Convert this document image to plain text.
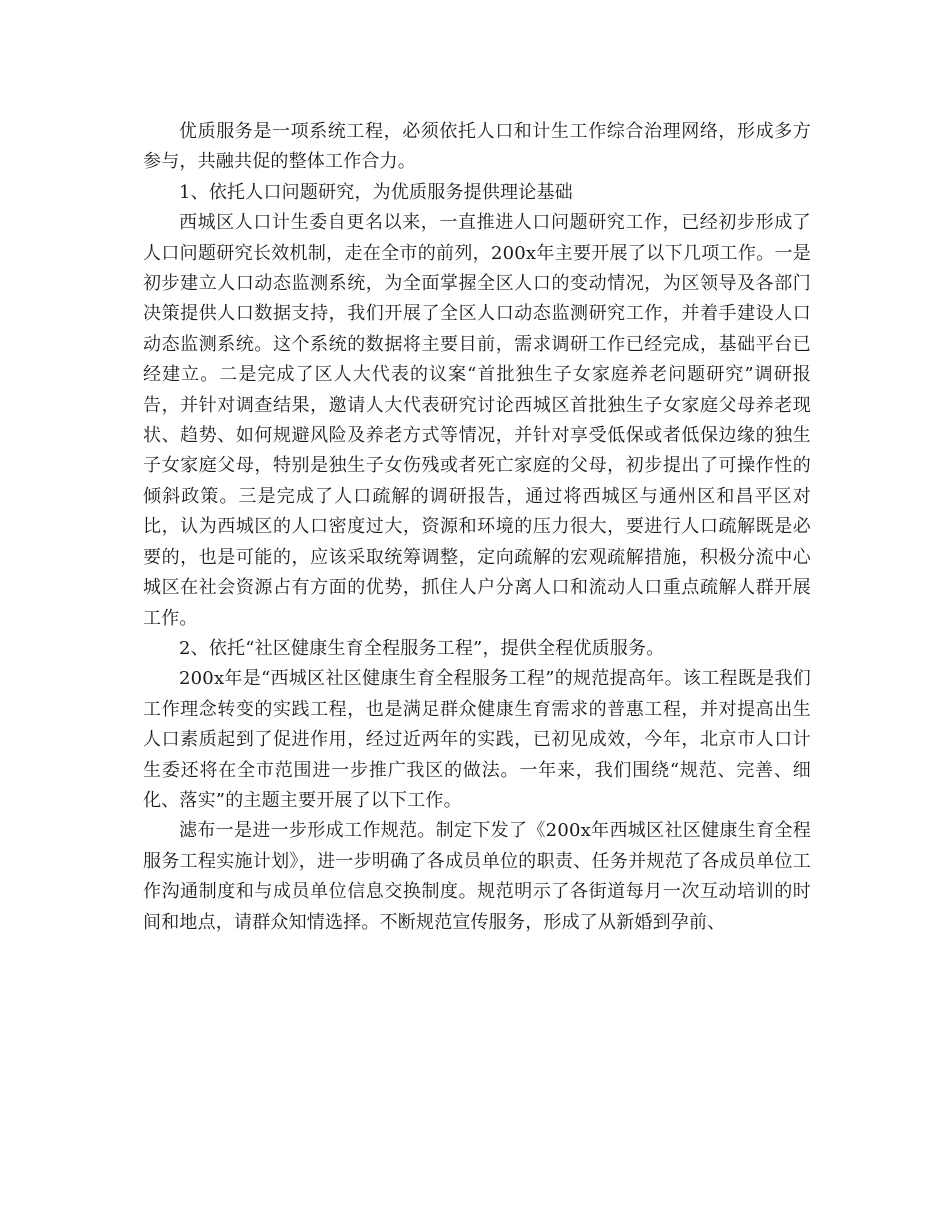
优质服务是一项系统工程，必须依托人口和计生工作综合治理网络，形成多方参与，共融共促的整体工作合力。

1、依托人口问题研究，为优质服务提供理论基础

西城区人口计生委自更名以来，一直推进人口问题研究工作，已经初步形成了人口问题研究长效机制，走在全市的前列，200x年主要开展了以下几项工作。一是初步建立人口动态监测系统，为全面掌握全区人口的变动情况，为区领导及各部门决策提供人口数据支持，我们开展了全区人口动态监测研究工作，并着手建设人口动态监测系统。这个系统的数据将主要目前，需求调研工作已经完成，基础平台已经建立。二是完成了区人大代表的议案“首批独生子女家庭养老问题研究”调研报告，并针对调查结果，邀请人大代表研究讨论西城区首批独生子女家庭父母养老现状、趋势、如何规避风险及养老方式等情况，并针对享受低保或者低保边缘的独生子女家庭父母，特别是独生子女伤残或者死亡家庭的父母，初步提出了可操作性的倾斜政策。三是完成了人口疏解的调研报告，通过将西城区与通州区和昌平区对比，认为西城区的人口密度过大，资源和环境的压力很大，要进行人口疏解既是必要的，也是可能的，应该采取统筹调整，定向疏解的宏观疏解措施，积极分流中心城区在社会资源占有方面的优势，抓住人户分离人口和流动人口重点疏解人群开展工作。

2、依托“社区健康生育全程服务工程”，提供全程优质服务。

200x年是“西城区社区健康生育全程服务工程”的规范提高年。该工程既是我们工作理念转变的实践工程，也是满足群众健康生育需求的普惠工程，并对提高出生人口素质起到了促进作用，经过近两年的实践，已初见成效，今年，北京市人口计生委还将在全市范围进一步推广我区的做法。一年来，我们围绕“规范、完善、细化、落实”的主题主要开展了以下工作。

滤布一是进一步形成工作规范。制定下发了《200x年西城区社区健康生育全程服务工程实施计划》，进一步明确了各成员单位的职责、任务并规范了各成员单位工作沟通制度和与成员单位信息交换制度。规范明示了各街道每月一次互动培训的时间和地点，请群众知情选择。不断规范宣传服务，形成了从新婚到孕前、
